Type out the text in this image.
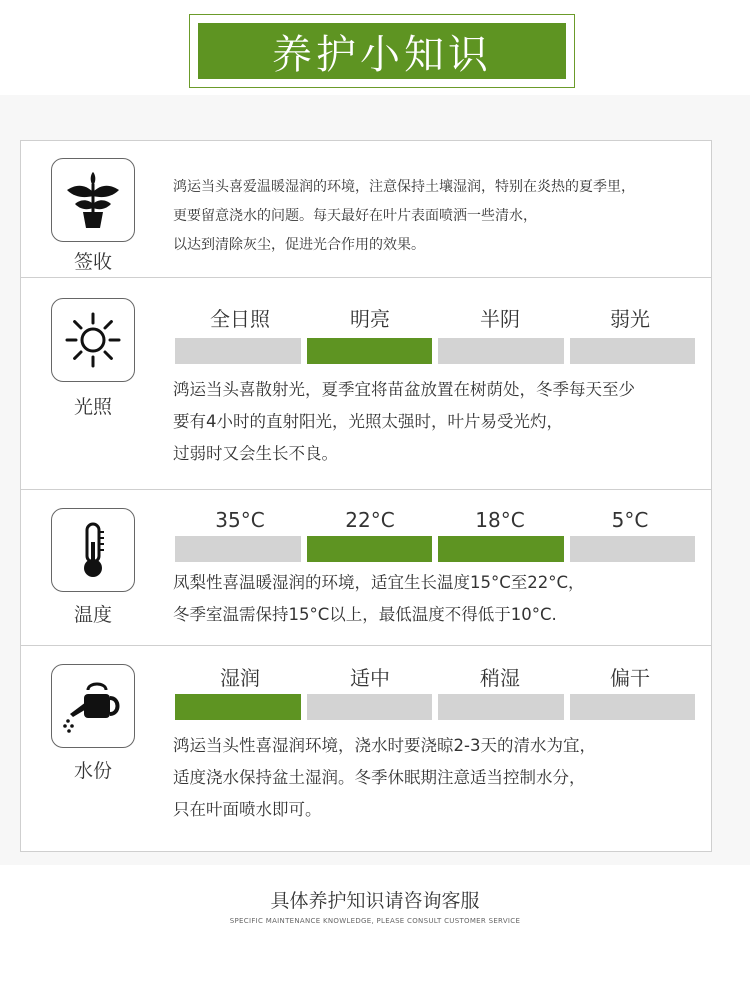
养护小知识
签收
鸿运当头喜爱温暖湿润的环境，注意保持土壤湿润，特别在炎热的夏季里，
更要留意浇水的问题。每天最好在叶片表面喷洒一些清水，
以达到清除灰尘，促进光合作用的效果。
光照
全日照	明亮	半阴	弱光
鸿运当头喜散射光，夏季宜将苗盆放置在树荫处，冬季每天至少
要有4小时的直射阳光，光照太强时，叶片易受光灼，
过弱时又会生长不良。
温度
35°C	22°C	18°C	5°C
凤梨性喜温暖湿润的环境，适宜生长温度15°C至22°C，
冬季室温需保持15°C以上，最低温度不得低于10°C.
水份
湿润	适中	稍湿	偏干
鸿运当头性喜湿润环境，浇水时要浇晾2-3天的清水为宜，
适度浇水保持盆土湿润。冬季休眠期注意适当控制水分，
只在叶面喷水即可。
具体养护知识请咨询客服
SPECIFIC MAINTENANCE KNOWLEDGE, PLEASE CONSULT CUSTOMER SERVICE
